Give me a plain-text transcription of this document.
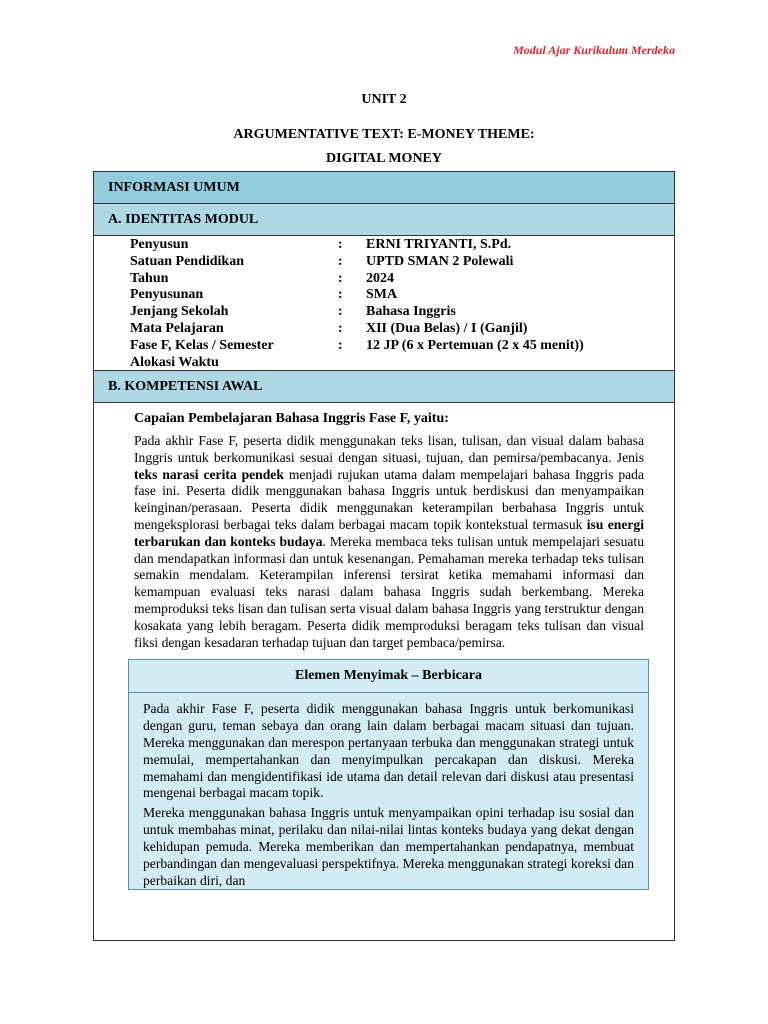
Modul Ajar Kurikulum Merdeka
UNIT 2
ARGUMENTATIVE TEXT: E-MONEY THEME:
DIGITAL MONEY
INFORMASI UMUM
A. IDENTITAS MODUL
Penyusun	:	ERNI TRIYANTI, S.Pd.
Satuan Pendidikan	:	UPTD SMAN 2 Polewali
Tahun	:	2024
Penyusunan	:	SMA
Jenjang Sekolah	:	Bahasa Inggris
Mata Pelajaran	:	XII (Dua Belas) / I (Ganjil)
Fase F, Kelas / Semester	:	12 JP (6 x Pertemuan (2 x 45 menit))
Alokasi Waktu
B. KOMPETENSI AWAL
Capaian Pembelajaran Bahasa Inggris Fase F, yaitu:
Pada akhir Fase F, peserta didik menggunakan teks lisan, tulisan, dan visual dalam bahasa Inggris untuk berkomunikasi sesuai dengan situasi, tujuan, dan pemirsa/pembacanya. Jenis teks narasi cerita pendek menjadi rujukan utama dalam mempelajari bahasa Inggris pada fase ini. Peserta didik menggunakan bahasa Inggris untuk berdiskusi dan menyampaikan keinginan/perasaan. Peserta didik menggunakan keterampilan berbahasa Inggris untuk mengeksplorasi berbagai teks dalam berbagai macam topik kontekstual termasuk isu energi terbarukan dan konteks budaya. Mereka membaca teks tulisan untuk mempelajari sesuatu dan mendapatkan informasi dan untuk kesenangan. Pemahaman mereka terhadap teks tulisan semakin mendalam. Keterampilan inferensi tersirat ketika memahami informasi dan kemampuan evaluasi teks narasi dalam bahasa Inggris sudah berkembang. Mereka memproduksi teks lisan dan tulisan serta visual dalam bahasa Inggris yang terstruktur dengan kosakata yang lebih beragam. Peserta didik memproduksi beragam teks tulisan dan visual fiksi dengan kesadaran terhadap tujuan dan target pembaca/pemirsa.
Elemen Menyimak – Berbicara
Pada akhir Fase F, peserta didik menggunakan bahasa Inggris untuk berkomunikasi dengan guru, teman sebaya dan orang lain dalam berbagai macam situasi dan tujuan. Mereka menggunakan dan merespon pertanyaan terbuka dan menggunakan strategi untuk memulai, mempertahankan dan menyimpulkan percakapan dan diskusi. Mereka memahami dan mengidentifikasi ide utama dan detail relevan dari diskusi atau presentasi mengenai berbagai macam topik.
Mereka menggunakan bahasa Inggris untuk menyampaikan opini terhadap isu sosial dan untuk membahas minat, perilaku dan nilai-nilai lintas konteks budaya yang dekat dengan kehidupan pemuda. Mereka memberikan dan mempertahankan pendapatnya, membuat perbandingan dan mengevaluasi perspektifnya. Mereka menggunakan strategi koreksi dan perbaikan diri, dan
